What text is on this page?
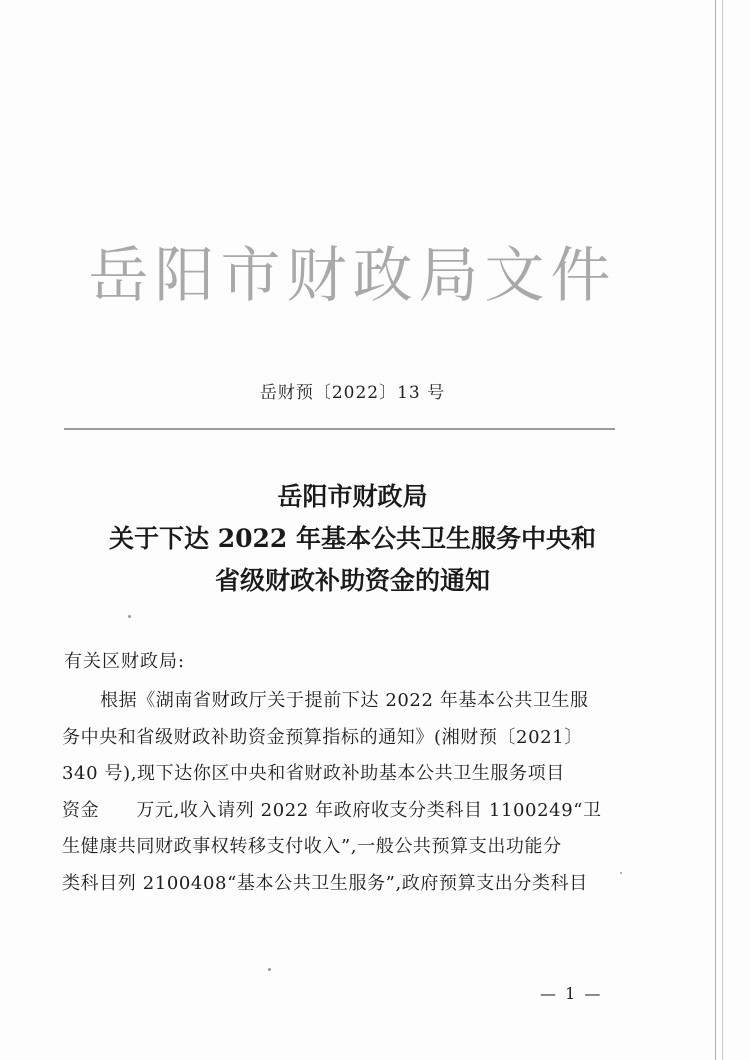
岳阳市财政局文件
岳财预〔2022〕13 号
岳阳市财政局
关于下达 2022 年基本公共卫生服务中央和
省级财政补助资金的通知
有关区财政局:
根据《湖南省财政厅关于提前下达 2022 年基本公共卫生服
务中央和省级财政补助资金预算指标的通知》(湘财预〔2021〕
340 号),现下达你区中央和省财政补助基本公共卫生服务项目
资金　　万元,收入请列 2022 年政府收支分类科目 1100249“卫
生健康共同财政事权转移支付收入”,一般公共预算支出功能分
类科目列 2100408“基本公共卫生服务”,政府预算支出分类科目
— 1 —
